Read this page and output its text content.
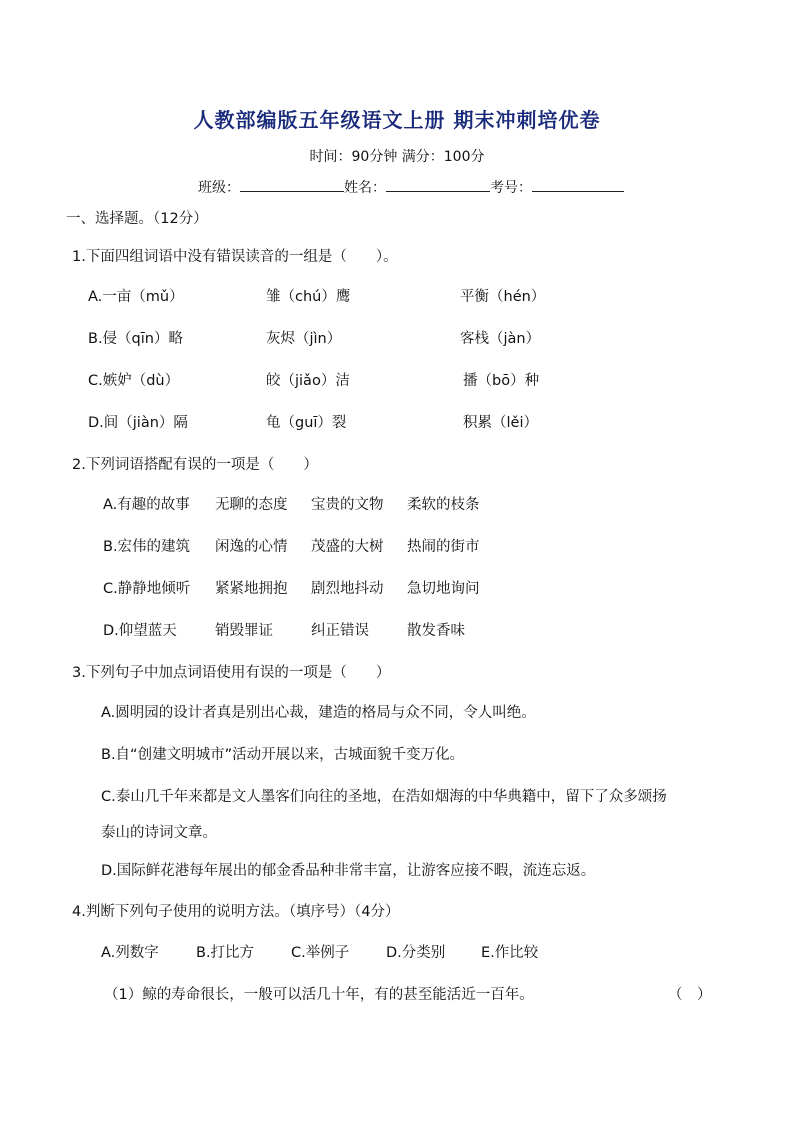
人教部编版五年级语文上册 期末冲刺培优卷
时间：90分钟 满分：100分
班级：	姓名：	考号：
一、选择题。（12分）
1.下面四组词语中没有错误读音的一组是（　　）。
A.一亩（mǔ）	雏（chú）鹰	平衡（hén）
B.侵（qīn）略	灰烬（jìn）	客栈（jàn）
C.嫉妒（dù）	皎（jiǎo）洁	播（bō）种
D.间（jiàn）隔	龟（guī）裂	积累（lěi）
2.下列词语搭配有误的一项是（　　）
A.有趣的故事 无聊的态度 宝贵的文物 柔软的枝条
B.宏伟的建筑 闲逸的心情 茂盛的大树 热闹的街市
C.静静地倾听 紧紧地拥抱 剧烈地抖动 急切地询问
D.仰望蓝天	销毁罪证	纠正错误	散发香味
3.下列句子中加点词语使用有误的一项是（　　）
A.圆明园的设计者真是别出心裁，建造的格局与众不同，令人叫绝。
B.自“创建文明城市”活动开展以来，古城面貌千变万化。
C.泰山几千年来都是文人墨客们向往的圣地，在浩如烟海的中华典籍中，留下了众多颂扬
泰山的诗词文章。
D.国际鲜花港每年展出的郁金香品种非常丰富，让游客应接不暇，流连忘返。
4.判断下列句子使用的说明方法。（填序号）（4分）
A.列数字	B.打比方	C.举例子	D.分类别 E.作比较
（1）鲸的寿命很长，一般可以活几十年，有的甚至能活近一百年。	（　）
